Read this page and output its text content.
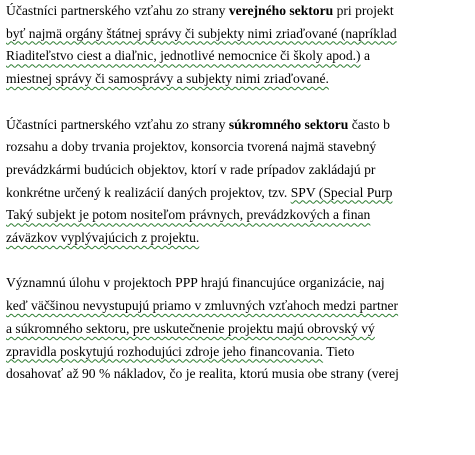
Účastníci partnerského vzťahu zo strany verejného sektoru pri projekt
byť najmä orgány štátnej správy či subjekty nimi zriaďované (napríklad
Riaditeľstvo ciest a diaľnic, jednotlivé nemocnice či školy apod.) a
miestnej správy či samosprávy a subjekty nimi zriaďované.
Účastníci partnerského vzťahu zo strany súkromného sektoru často b
rozsahu a doby trvania projektov, konsorcia tvorená najmä stavebný
prevádzkármi budúcich objektov, ktorí v rade prípadov zakládajú pr
konkrétne určený k realizácií daných projektov, tzv. SPV (Special Purp
Taký subjekt je potom nositeľom právnych, prevádzkových a finan
záväzkov vyplývajúcich z projektu.
Významnú úlohu v projektoch PPP hrajú financujúce organizácie, naj
keď väčšinou nevystupujú priamo v zmluvných vzťahoch medzi partner
a súkromného sektoru, pre uskutečnenie projektu majú obrovský vý
zpravidla poskytujú rozhodujúci zdroje jeho financovania. Tieto
dosahovať až 90 % nákladov, čo je realita, ktorú musia obe strany (verej
